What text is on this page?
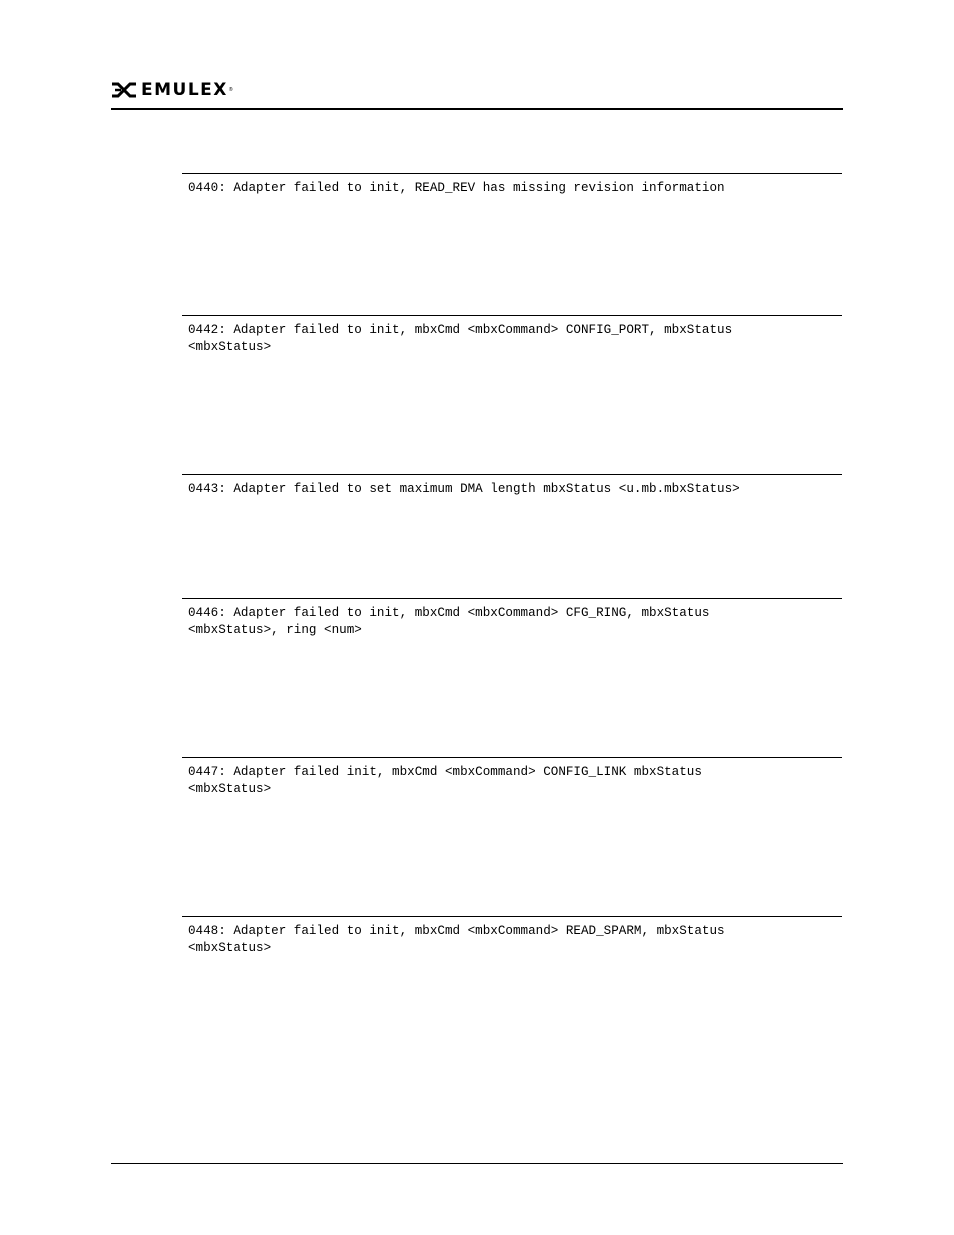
EMULEX ®
0440: Adapter failed to init, READ_REV has missing revision information
0442: Adapter failed to init, mbxCmd <mbxCommand> CONFIG_PORT, mbxStatus
<mbxStatus>
0443: Adapter failed to set maximum DMA length mbxStatus <u.mb.mbxStatus>
0446: Adapter failed to init, mbxCmd <mbxCommand> CFG_RING, mbxStatus
<mbxStatus>, ring <num>
0447: Adapter failed init, mbxCmd <mbxCommand> CONFIG_LINK mbxStatus
<mbxStatus>
0448: Adapter failed to init, mbxCmd <mbxCommand> READ_SPARM, mbxStatus
<mbxStatus>
